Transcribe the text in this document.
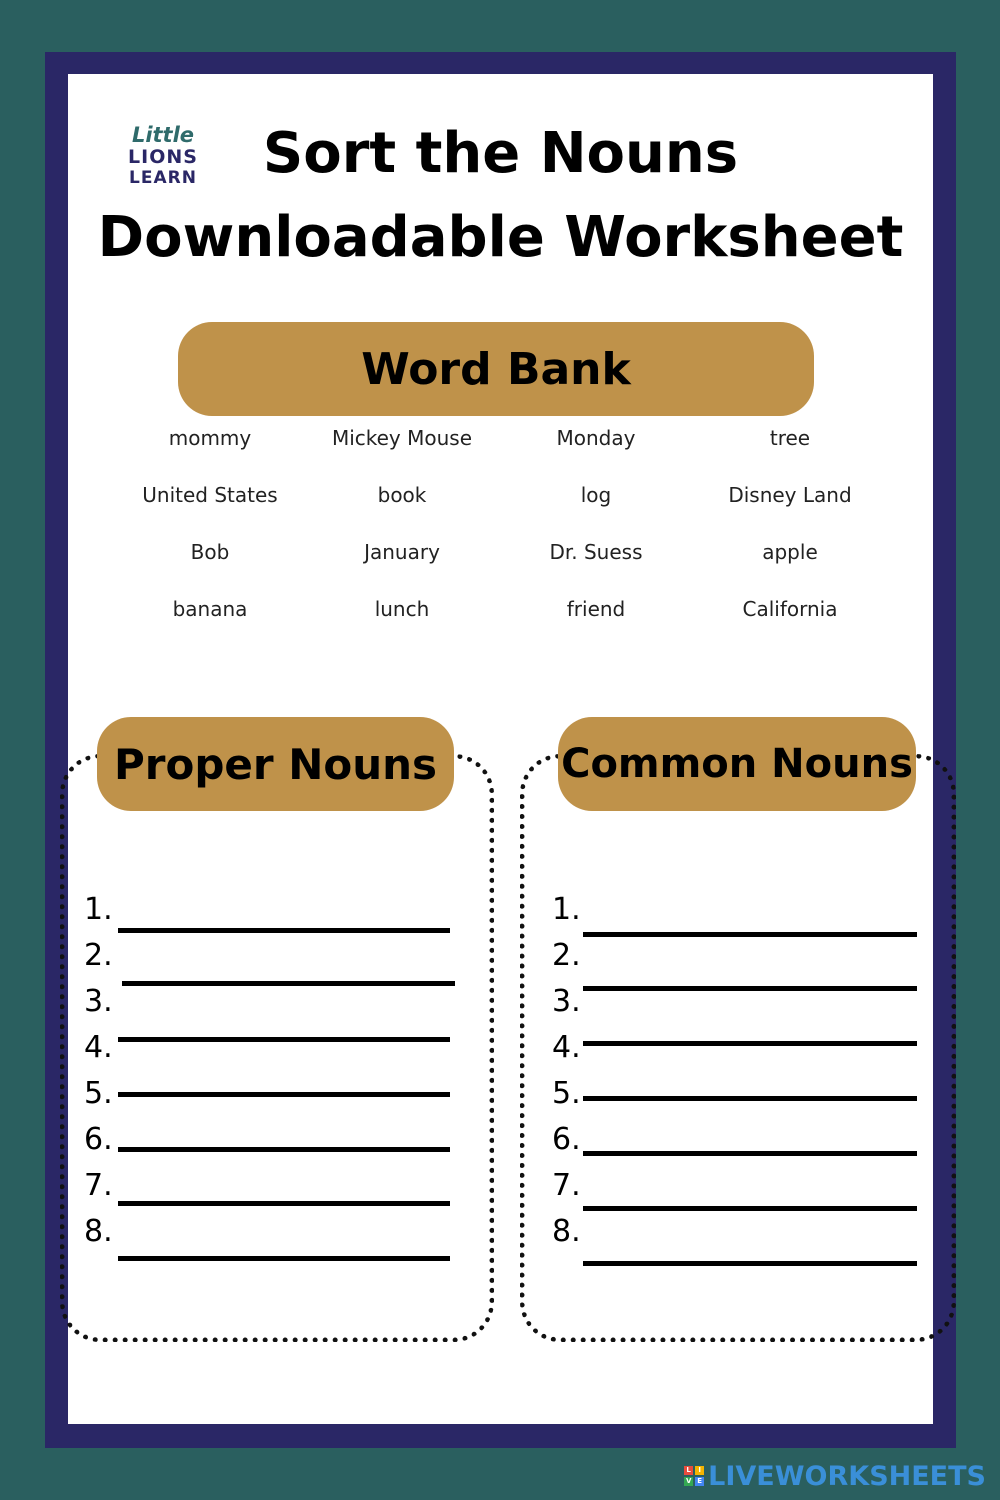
Little
LIONS
LEARN	Sort the Nouns
Downloadable Worksheet
Word Bank
mommy	Mickey Mouse	Monday	tree
United States	book	log	Disney Land
Bob	January	Dr. Suess	apple
banana	lunch	friend	California
Proper Nouns	Common Nouns
1.
2.
3.
4.
5.
6.
7.
8.
1.
2.
3.
4.
5.
6.
7.
8.
L	I
V E LIVEWORKSHEETS
